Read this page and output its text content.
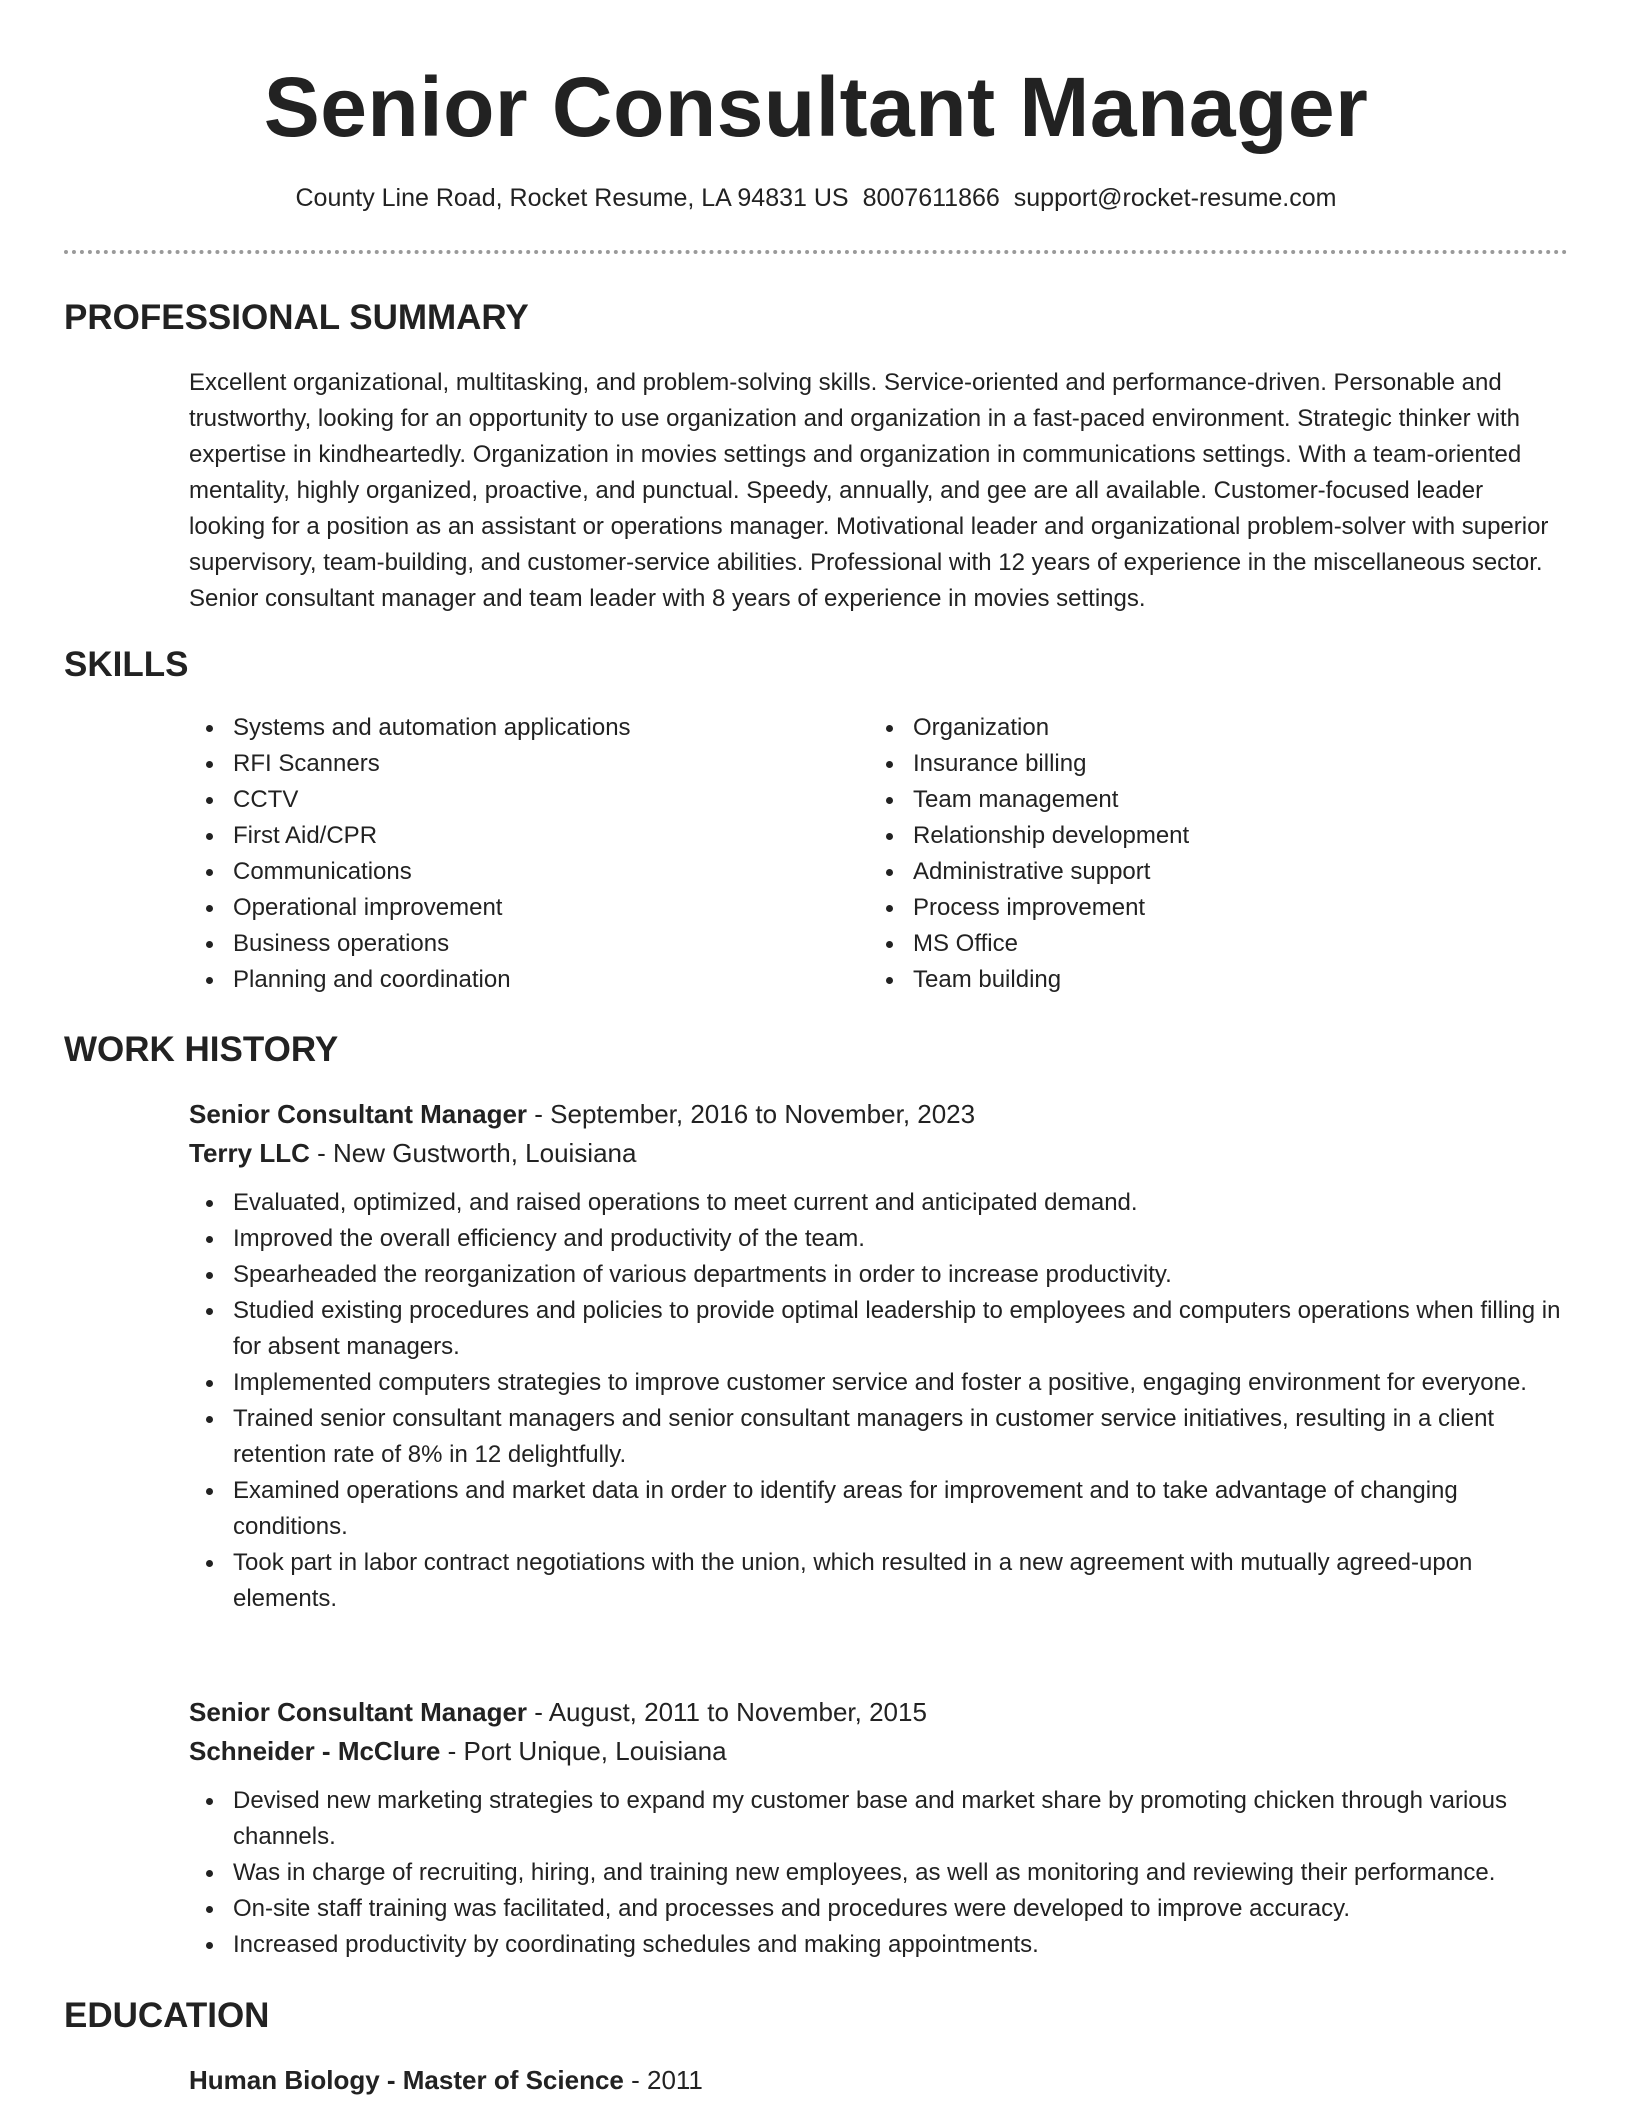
Senior Consultant Manager
County Line Road, Rocket Resume, LA 94831 US 8007611866 support@rocket-resume.com
PROFESSIONAL SUMMARY

Excellent organizational, multitasking, and problem-solving skills. Service-oriented and performance-driven. Personable and trustworthy, looking for an opportunity to use organization and organization in a fast-paced environment. Strategic thinker with expertise in kindheartedly. Organization in movies settings and organization in communications settings. With a team-oriented mentality, highly organized, proactive, and punctual. Speedy, annually, and gee are all available. Customer-focused leader looking for a position as an assistant or operations manager. Motivational leader and organizational problem-solver with superior supervisory, team-building, and customer-service abilities. Professional with 12 years of experience in the miscellaneous sector. Senior consultant manager and team leader with 8 years of experience in movies settings.

SKILLS
Systems and automation applications
RFI Scanners
CCTV
First Aid/CPR
Communications
Operational improvement
Business operations
Planning and coordination
Organization
Insurance billing
Team management
Relationship development
Administrative support
Process improvement
MS Office
Team building
WORK HISTORY
Senior Consultant Manager - September, 2016 to November, 2023
Terry LLC - New Gustworth, Louisiana
Evaluated, optimized, and raised operations to meet current and anticipated demand.
Improved the overall efficiency and productivity of the team.
Spearheaded the reorganization of various departments in order to increase productivity.
Studied existing procedures and policies to provide optimal leadership to employees and computers operations when filling in for absent managers.
Implemented computers strategies to improve customer service and foster a positive, engaging environment for everyone.
Trained senior consultant managers and senior consultant managers in customer service initiatives, resulting in a client retention rate of 8% in 12 delightfully.
Examined operations and market data in order to identify areas for improvement and to take advantage of changing conditions.
Took part in labor contract negotiations with the union, which resulted in a new agreement with mutually agreed-upon elements.
Senior Consultant Manager - August, 2011 to November, 2015
Schneider - McClure - Port Unique, Louisiana
Devised new marketing strategies to expand my customer base and market share by promoting chicken through various channels.
Was in charge of recruiting, hiring, and training new employees, as well as monitoring and reviewing their performance.
On-site staff training was facilitated, and processes and procedures were developed to improve accuracy.
Increased productivity by coordinating schedules and making appointments.
EDUCATION
Human Biology - Master of Science - 2011
